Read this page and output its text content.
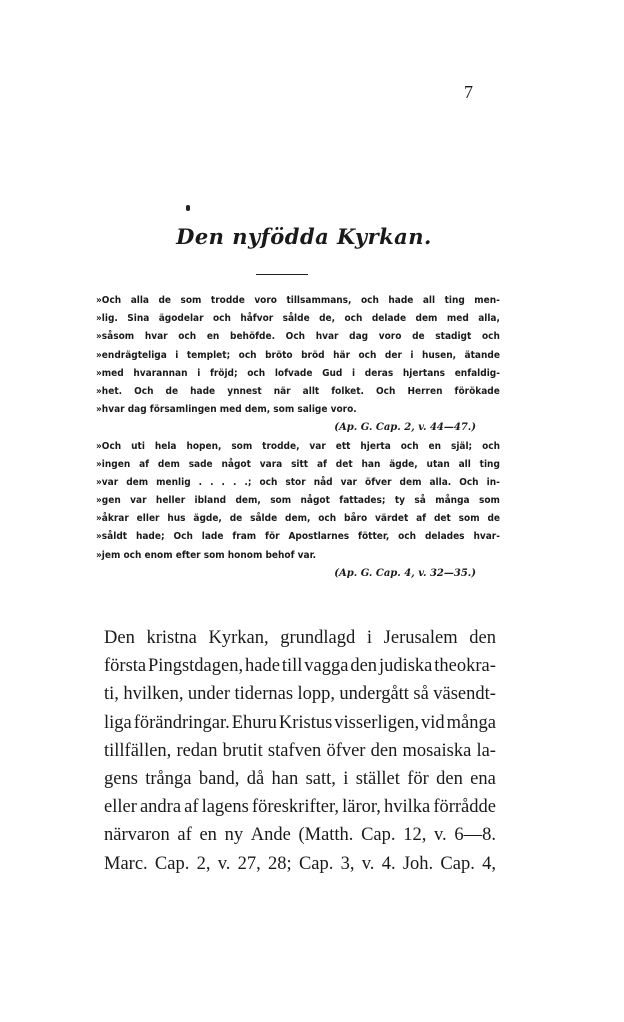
7
Den nyfödda Kyrkan.
»Och alla de som trodde voro tillsammans, och hade all ting men-
»lig. Sina ägodelar och håfvor sålde de, och delade dem med alla,
»såsom hvar och en behöfde. Och hvar dag voro de stadigt och
»endrägteliga i templet; och bröto bröd här och der i husen, ätande
»med hvarannan i fröjd; och lofvade Gud i deras hjertans enfaldig-
»het. Och de hade ynnest när allt folket. Och Herren förökade
»hvar dag församlingen med dem, som salige voro.
(Ap. G. Cap. 2, v. 44—47.)
»Och uti hela hopen, som trodde, var ett hjerta och en själ; och
»ingen af dem sade något vara sitt af det han ägde, utan all ting
»var dem menlig . . . . .; och stor nåd var öfver dem alla. Och in-
»gen var heller ibland dem, som något fattades; ty så många som
»åkrar eller hus ägde, de sålde dem, och båro värdet af det som de
»såldt hade; Och lade fram för Apostlarnes fötter, och delades hvar-
»jem och enom efter som honom behof var.
(Ap. G. Cap. 4, v. 32—35.)
Den kristna Kyrkan, grundlagd i Jerusalem den
första Pingstdagen, hade till vagga den judiska theokra-
ti, hvilken, under tidernas lopp, undergått så väsendt-
liga förändringar. Ehuru Kristus visserligen, vid många
tillfällen, redan brutit stafven öfver den mosaiska la-
gens trånga band, då han satt, i stället för den ena
eller andra af lagens föreskrifter, läror, hvilka förrådde
närvaron af en ny Ande (Matth. Cap. 12, v. 6—8.
Marc. Cap. 2, v. 27, 28; Cap. 3, v. 4. Joh. Cap. 4,
